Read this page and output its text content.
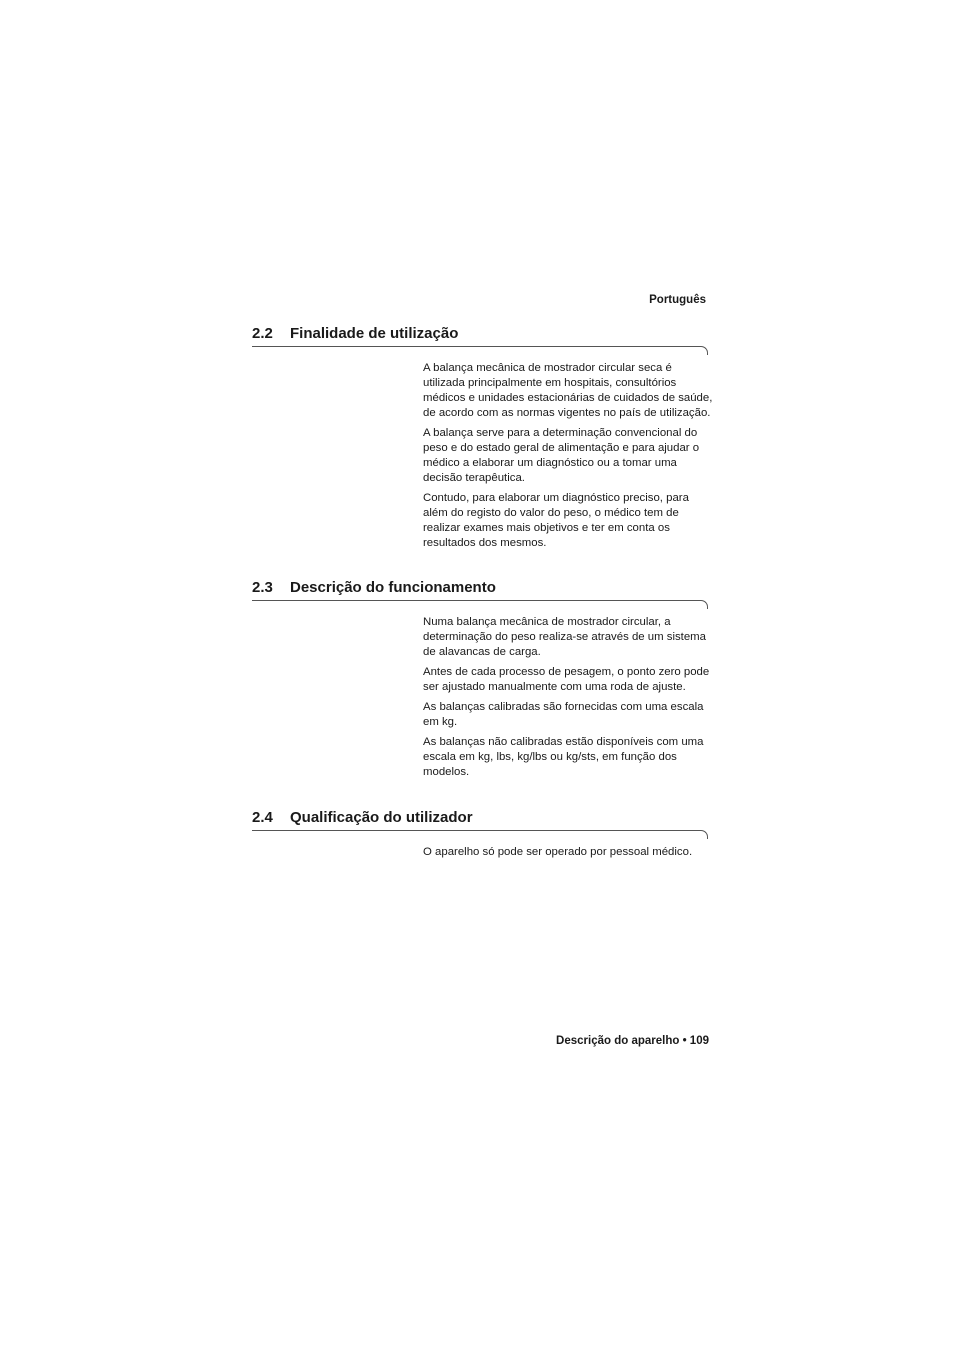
Português
2.2 Finalidade de utilização

A balança mecânica de mostrador circular seca é utilizada principalmente em hospitais, consultórios médicos e unidades estacionárias de cuidados de saúde, de acordo com as normas vigentes no país de utilização.

A balança serve para a determinação convencional do peso e do estado geral de alimentação e para ajudar o médico a elaborar um diagnóstico ou a tomar uma decisão terapêutica.

Contudo, para elaborar um diagnóstico preciso, para além do registo do valor do peso, o médico tem de realizar exames mais objetivos e ter em conta os resultados dos mesmos.

2.3 Descrição do funcionamento

Numa balança mecânica de mostrador circular, a determinação do peso realiza-se através de um sistema de alavancas de carga.

Antes de cada processo de pesagem, o ponto zero pode ser ajustado manualmente com uma roda de ajuste.

As balanças calibradas são fornecidas com uma escala em kg.

As balanças não calibradas estão disponíveis com uma escala em kg, lbs, kg/lbs ou kg/sts, em função dos modelos.

2.4 Qualificação do utilizador

O aparelho só pode ser operado por pessoal médico.

Descrição do aparelho • 109
